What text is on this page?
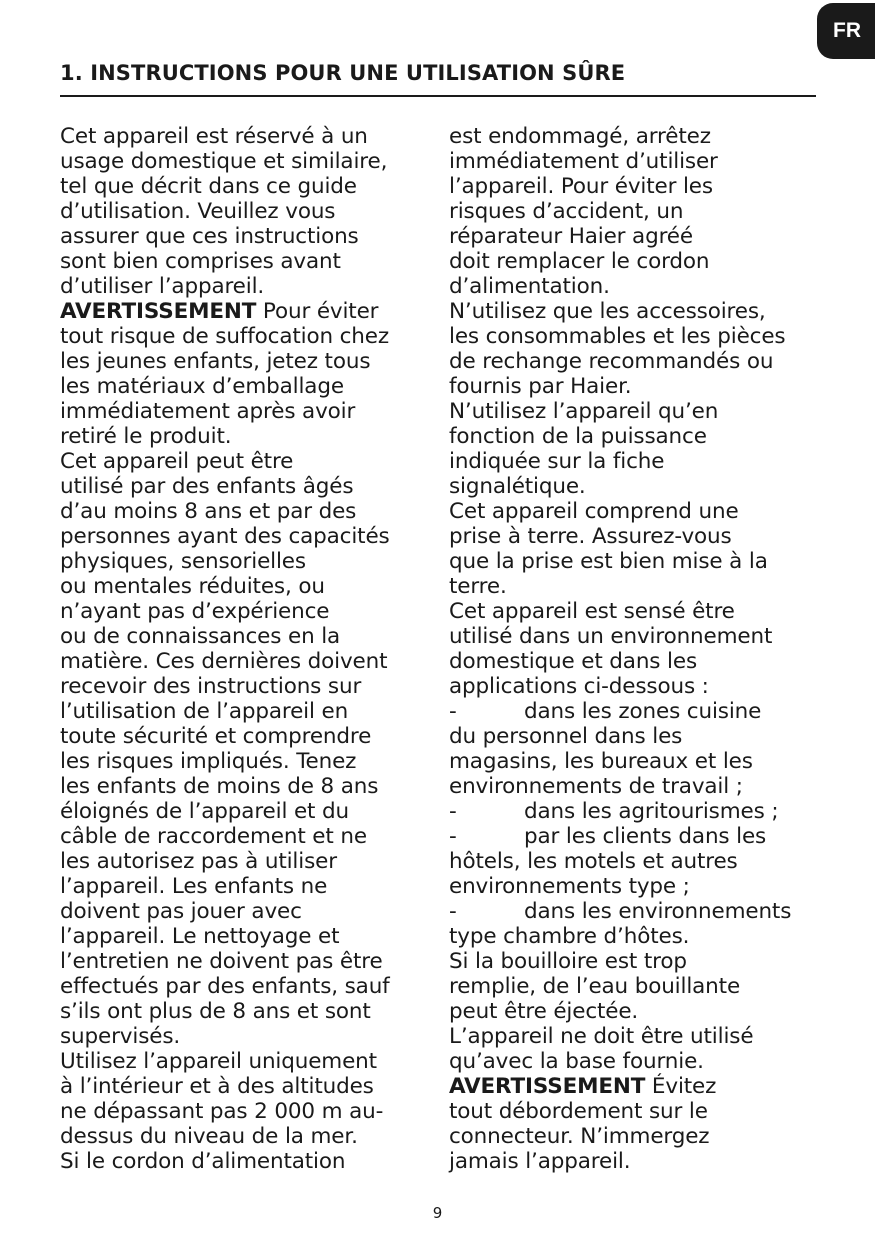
FR
1. INSTRUCTIONS POUR UNE UTILISATION SÛRE

Cet appareil est réservé à un
usage domestique et similaire,
tel que décrit dans ce guide
d’utilisation. Veuillez vous
assurer que ces instructions
sont bien comprises avant
d’utiliser l’appareil.

AVERTISSEMENT Pour éviter
tout risque de suffocation chez
les jeunes enfants, jetez tous
les matériaux d’emballage
immédiatement après avoir
retiré le produit.

Cet appareil peut être
utilisé par des enfants âgés
d’au moins 8 ans et par des
personnes ayant des capacités
physiques, sensorielles
ou mentales réduites, ou
n’ayant pas d’expérience
ou de connaissances en la
matière. Ces dernières doivent
recevoir des instructions sur
l’utilisation de l’appareil en
toute sécurité et comprendre
les risques impliqués. Tenez
les enfants de moins de 8 ans
éloignés de l’appareil et du
câble de raccordement et ne
les autorisez pas à utiliser
l’appareil. Les enfants ne
doivent pas jouer avec
l’appareil. Le nettoyage et
l’entretien ne doivent pas être
effectués par des enfants, sauf
s’ils ont plus de 8 ans et sont
supervisés.

Utilisez l’appareil uniquement
à l’intérieur et à des altitudes
ne dépassant pas 2 000 m au-
dessus du niveau de la mer.

Si le cordon d’alimentation

est endommagé, arrêtez
immédiatement d’utiliser
l’appareil. Pour éviter les
risques d’accident, un
réparateur Haier agréé
doit remplacer le cordon
d’alimentation.

N’utilisez que les accessoires,
les consommables et les pièces
de rechange recommandés ou
fournis par Haier.

N’utilisez l’appareil qu’en
fonction de la puissance
indiquée sur la fiche
signalétique.

Cet appareil comprend une
prise à terre. Assurez-vous
que la prise est bien mise à la
terre.

Cet appareil est sensé être
utilisé dans un environnement
domestique et dans les
applications ci-dessous :

-	dans les zones cuisine
du personnel dans les
magasins, les bureaux et les
environnements de travail ;

-	dans les agritourismes ;

-	par les clients dans les
hôtels, les motels et autres
environnements type ;

-	dans les environnements
type chambre d’hôtes.

Si la bouilloire est trop
remplie, de l’eau bouillante
peut être éjectée.

L’appareil ne doit être utilisé
qu’avec la base fournie.

AVERTISSEMENT Évitez
tout débordement sur le
connecteur. N’immergez
jamais l’appareil.

9
